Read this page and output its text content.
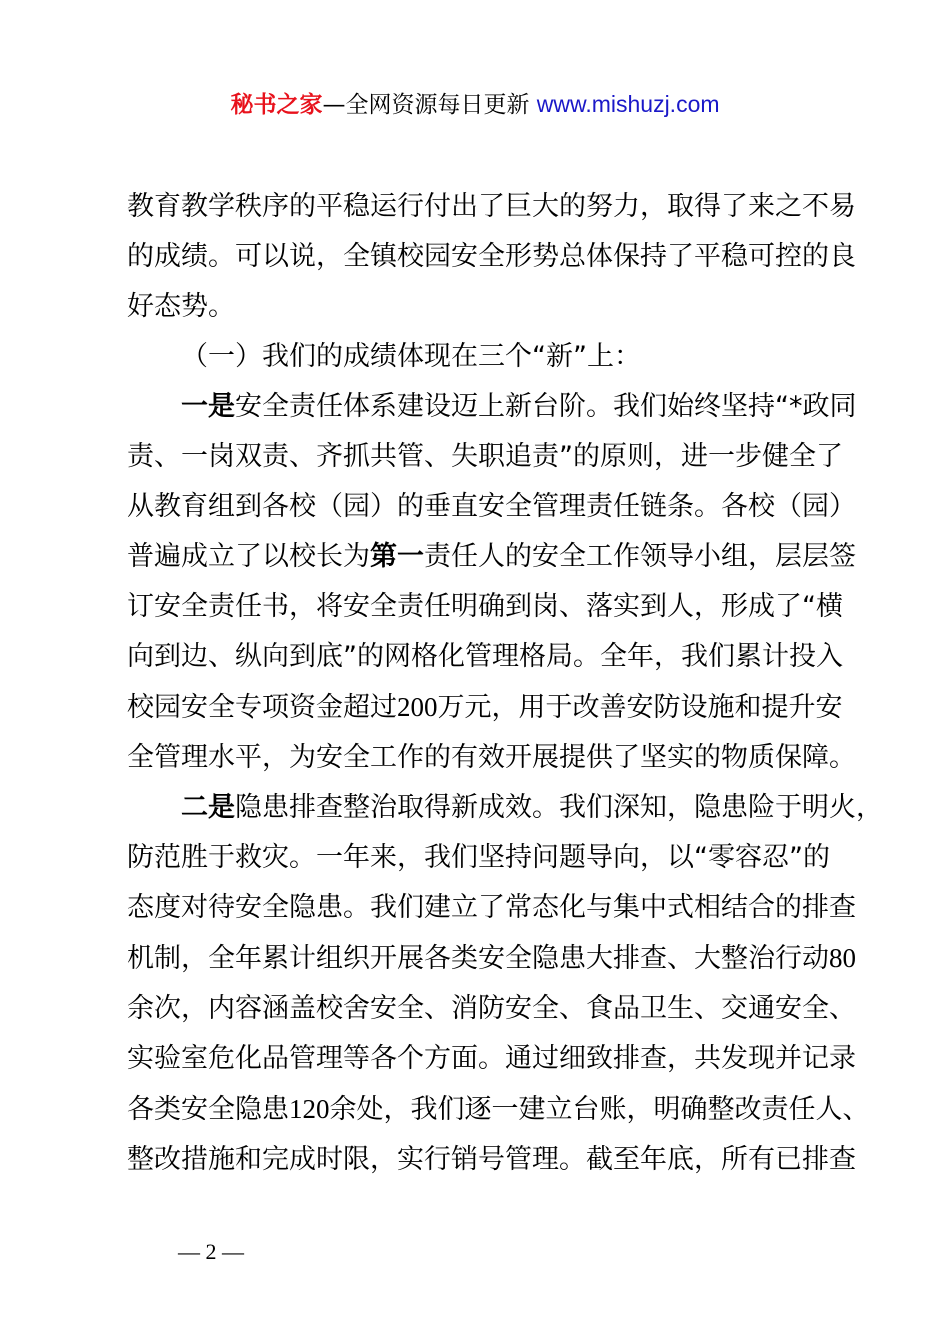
秘书之家—全网资源每日更新 www.mishuzj.com

教育教学秩序的平稳运行付出了巨大的努力，取得了来之不易
的成绩。可以说，全镇校园安全形势总体保持了平稳可控的良
好态势。

（一）我们的成绩体现在三个“新”上：

一是安全责任体系建设迈上新台阶。我们始终坚持“*政同
责、一岗双责、齐抓共管、失职追责”的原则，进一步健全了
从教育组到各校（园）的垂直安全管理责任链条。各校（园）
普遍成立了以校长为第一责任人的安全工作领导小组，层层签
订安全责任书，将安全责任明确到岗、落实到人，形成了“横
向到边、纵向到底”的网格化管理格局。全年，我们累计投入
校园安全专项资金超过200万元，用于改善安防设施和提升安
全管理水平，为安全工作的有效开展提供了坚实的物质保障。

二是隐患排查整治取得新成效。我们深知，隐患险于明火，
防范胜于救灾。一年来，我们坚持问题导向，以“零容忍”的
态度对待安全隐患。我们建立了常态化与集中式相结合的排查
机制，全年累计组织开展各类安全隐患大排查、大整治行动80
余次，内容涵盖校舍安全、消防安全、食品卫生、交通安全、
实验室危化品管理等各个方面。通过细致排查，共发现并记录
各类安全隐患120余处，我们逐一建立台账，明确整改责任人、
整改措施和完成时限，实行销号管理。截至年底，所有已排查

— 2 —
